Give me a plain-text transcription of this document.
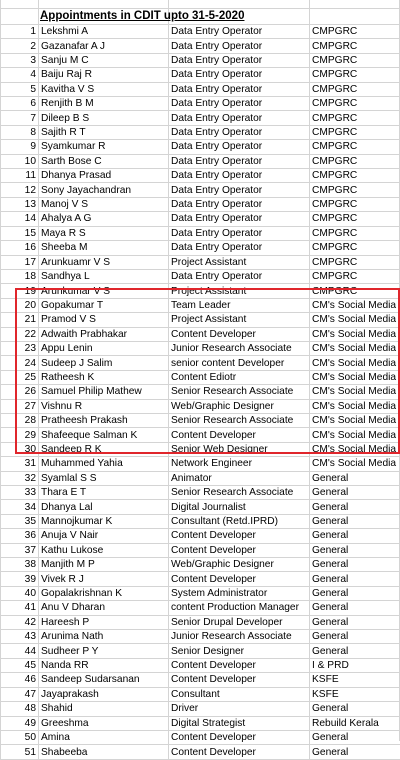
Appointments in CDIT upto 31-5-2020
1	Lekshmi A	Data Entry Operator	CMPGRC
2	Gazanafar A J	Data Entry Operator	CMPGRC
3	Sanju M C	Data Entry Operator	CMPGRC
4	Baiju Raj R	Data Entry Operator	CMPGRC
5	Kavitha V S	Data Entry Operator	CMPGRC
6	Renjith B M	Data Entry Operator	CMPGRC
7	Dileep B S	Data Entry Operator	CMPGRC
8	Sajith R T	Data Entry Operator	CMPGRC
9	Syamkumar R	Data Entry Operator	CMPGRC
10	Sarth Bose C	Data Entry Operator	CMPGRC
11	Dhanya Prasad	Data Entry Operator	CMPGRC
12	Sony Jayachandran	Data Entry Operator	CMPGRC
13	Manoj V S	Data Entry Operator	CMPGRC
14	Ahalya A G	Data Entry Operator	CMPGRC
15	Maya R S	Data Entry Operator	CMPGRC
16	Sheeba M	Data Entry Operator	CMPGRC
17	Arunkuamr V S	Project Assistant	CMPGRC
18	Sandhya L	Data Entry Operator	CMPGRC
19	Arunkumar V S	Project Assistant	CMPGRC
20	Gopakumar T	Team Leader	CM's Social Media
21	Pramod V S	Project Assistant	CM's Social Media
22	Adwaith Prabhakar	Content Developer	CM's Social Media
23	Appu Lenin	Junior Research Associate	CM's Social Media
24	Sudeep J Salim	senior content Developer	CM's Social Media
25	Ratheesh K	Content Ediotr	CM's Social Media
26	Samuel Philip Mathew	Senior Research Associate	CM's Social Media
27	Vishnu R	Web/Graphic Designer	CM's Social Media
28	Pratheesh Prakash	Senior Research Associate	CM's Social Media
29	Shafeeque Salman K	Content Developer	CM's Social Media
30	Sandeep R K	Senior Web Designer	CM's Social Media
31	Muhammed Yahia	Network Engineer	CM's Social Media
32	Syamlal S S	Animator	General
33	Thara E T	Senior Research Associate	General
34	Dhanya Lal	Digital Journalist	General
35	Mannojkumar K	Consultant (Retd.IPRD)	General
36	Anuja V Nair	Content Developer	General
37	Kathu Lukose	Content Developer	General
38	Manjith M P	Web/Graphic Designer	General
39	Vivek R J	Content Developer	General
40	Gopalakrishnan K	System Administrator	General
41	Anu V Dharan	content Production Manager	General
42	Hareesh P	Senior Drupal Developer	General
43	Arunima Nath	Junior Research Associate	General
44	Sudheer P Y	Senior Designer	General
45	Nanda RR	Content Developer	I & PRD
46	Sandeep Sudarsanan	Content Developer	KSFE
47	Jayaprakash	Consultant	KSFE
48	Shahid	Driver	General
49	Greeshma	Digital Strategist	Rebuild Kerala
50	Amina	Content Developer	General
51	Shabeeba	Content Developer	General
